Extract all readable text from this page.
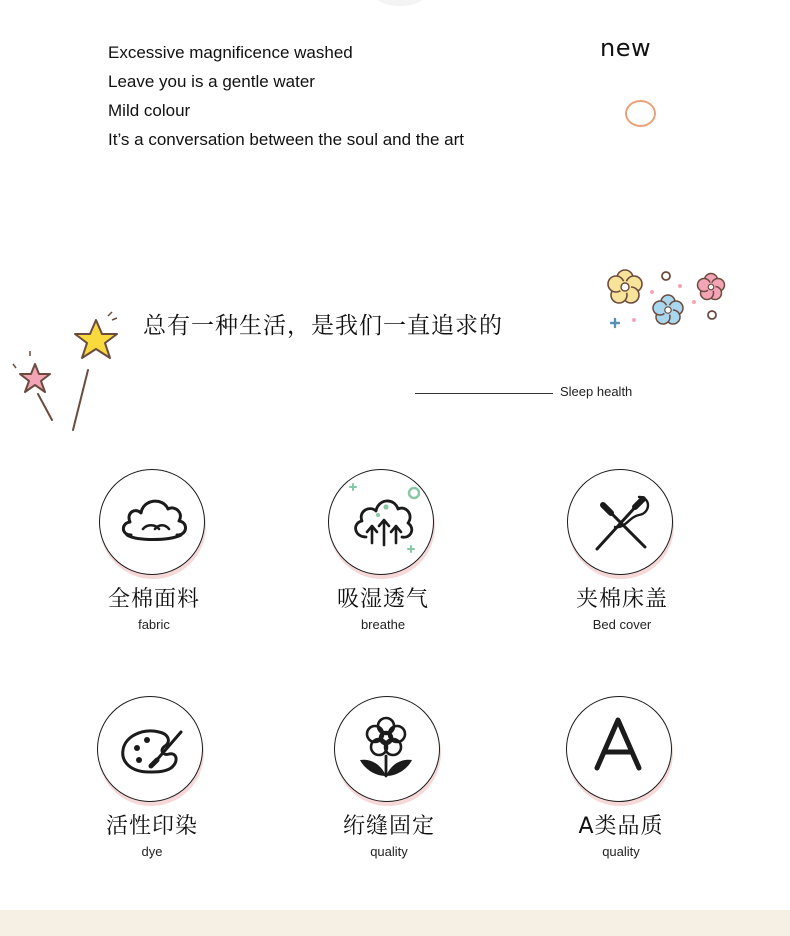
Excessive magnificence washed
Leave you is a gentle water
Mild colour
It’s a conversation between the soul and the art
new
总有一种生活，是我们一直追求的
Sleep health
全棉面料
fabric
吸湿透气
breathe
夹棉床盖
Bed cover
活性印染
dye
绗缝固定
quality
A类品质
quality
